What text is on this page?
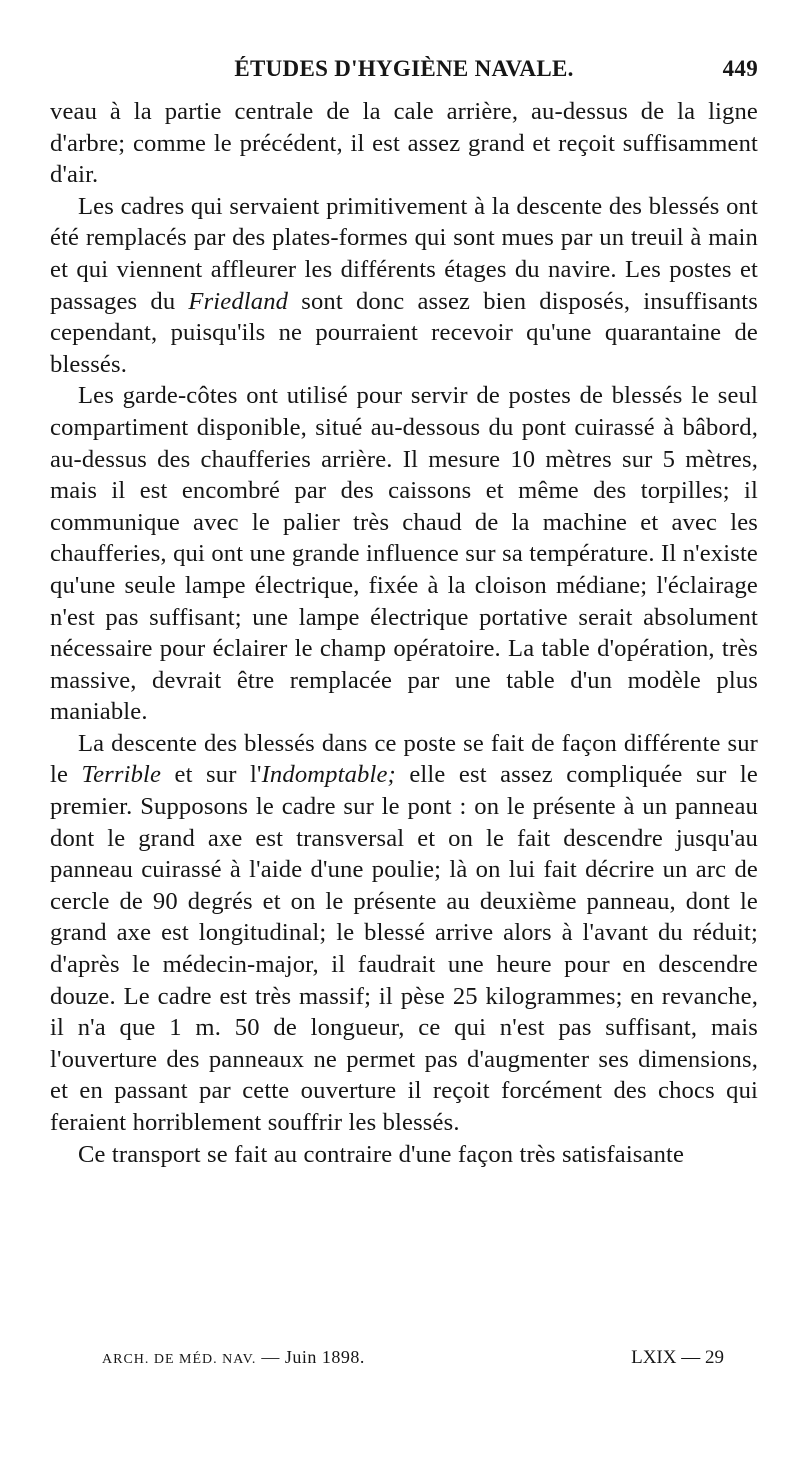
ÉTUDES D'HYGIÈNE NAVALE.	449

veau à la partie centrale de la cale arrière, au-dessus de la ligne d'arbre; comme le précédent, il est assez grand et reçoit suffisamment d'air.

Les cadres qui servaient primitivement à la descente des blessés ont été remplacés par des plates-formes qui sont mues par un treuil à main et qui viennent affleurer les différents étages du navire. Les postes et passages du Friedland sont donc assez bien disposés, insuffisants cependant, puisqu'ils ne pourraient recevoir qu'une quarantaine de blessés.

Les garde-côtes ont utilisé pour servir de postes de blessés le seul compartiment disponible, situé au-dessous du pont cuirassé à bâbord, au-dessus des chaufferies arrière. Il mesure 10 mètres sur 5 mètres, mais il est encombré par des caissons et même des torpilles; il communique avec le palier très chaud de la machine et avec les chaufferies, qui ont une grande influence sur sa température. Il n'existe qu'une seule lampe électrique, fixée à la cloison médiane; l'éclairage n'est pas suffisant; une lampe électrique portative serait absolument nécessaire pour éclairer le champ opératoire. La table d'opération, très massive, devrait être remplacée par une table d'un modèle plus maniable.

La descente des blessés dans ce poste se fait de façon différente sur le Terrible et sur l'Indomptable; elle est assez compliquée sur le premier. Supposons le cadre sur le pont : on le présente à un panneau dont le grand axe est transversal et on le fait descendre jusqu'au panneau cuirassé à l'aide d'une poulie; là on lui fait décrire un arc de cercle de 90 degrés et on le présente au deuxième panneau, dont le grand axe est longitudinal; le blessé arrive alors à l'avant du réduit; d'après le médecin-major, il faudrait une heure pour en descendre douze. Le cadre est très massif; il pèse 25 kilogrammes; en revanche, il n'a que 1 m. 50 de longueur, ce qui n'est pas suffisant, mais l'ouverture des panneaux ne permet pas d'augmenter ses dimensions, et en passant par cette ouverture il reçoit forcément des chocs qui feraient horriblement souffrir les blessés.

Ce transport se fait au contraire d'une façon très satisfaisante

ARCH. DE MÉD. NAV. — Juin 1898.	LXIX — 29
